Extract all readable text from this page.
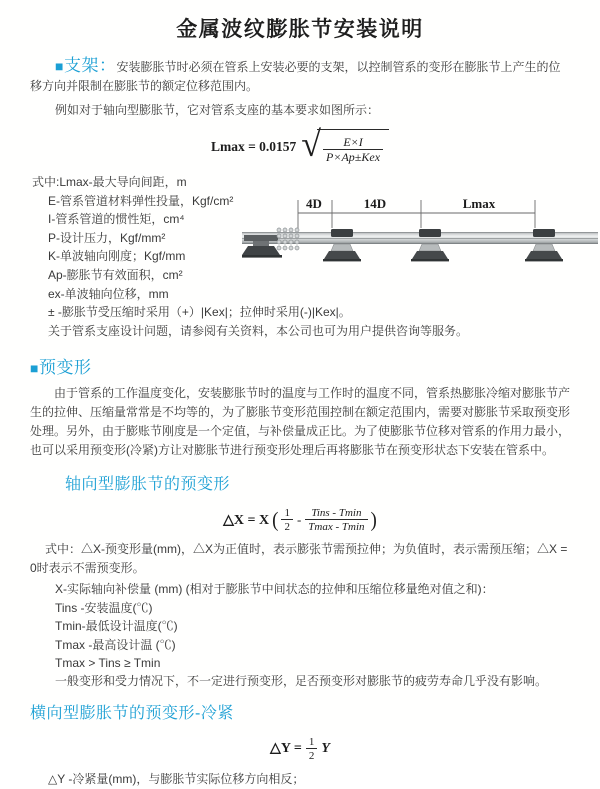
金属波纹膨胀节安装说明

■支架：安装膨胀节时必须在管系上安装必要的支架，以控制管系的变形在膨胀节上产生的位移方向并限制在膨胀节的额定位移范围内。

例如对于轴向型膨胀节，它对管系支座的基本要求如图所示：

Lmax = 0.0157 √ $\frac{E\times I}{\text{P×Ap±Kex}}$
式中:Lmax-最大导向间距，m
E-管系管道材料弹性投量，Kgf/cm²
I-管系管道的惯性矩，cm⁴
P-设计压力，Kgf/mm²
K-单波轴向刚度；Kgf/mm
Ap-膨胀节有效面积，cm²
ex-单波轴向位移，mm
± -膨胀节受压缩时采用（+）|Kex|；拉伸时采用(-)|Kex|。
关于管系支座设计问题，请参阅有关资料，本公司也可为用户提供咨询等服务。
■预变形

由于管系的工作温度变化，安装膨胀节时的温度与工作时的温度不同，管系热膨胀冷缩对膨胀节产生的拉伸、压缩量常常是不均等的，为了膨胀节变形范围控制在额定范围内，需要对膨胀节采取预变形处理。另外，由于膨账节刚度是一个定值，与补偿量成正比。为了使膨胀节位移对管系的作用力最小，也可以采用预变形(冷紧)方让对膨胀节进行预变形处理后再将膨胀节在预变形状态下安装在管系中。

轴向型膨胀节的预变形
△X = X ( $\frac{1}{2} - \frac{\text{Tins - Tmin}}{Tmax - Tmin}$ )

式中：△X-预变形量(mm)，△X为正值时，表示膨张节需预拉伸；为负值时，表示需预压缩；△X = 0时表示不需预变形。

X-实际轴向补偿量 (mm) (相对于膨胀节中间状态的拉伸和压缩位移量绝对值之和)：
Tins -安装温度(℃)
Tmin-最低设计温度(℃)
Tmax -最高设计温 (℃)
Tmax > Tins ≥ Tmin
一般变形和受力情况下，不一定进行预变形，足否预变形对膨胀节的疲劳寿命几乎没有影响。
横向型膨胀节的预变形-冷紧
△Y = $\frac{1}{2}$ Y

△Y -冷紧量(mm)，与膨胀节实际位移方向相反；

4D	14D	Lmax
